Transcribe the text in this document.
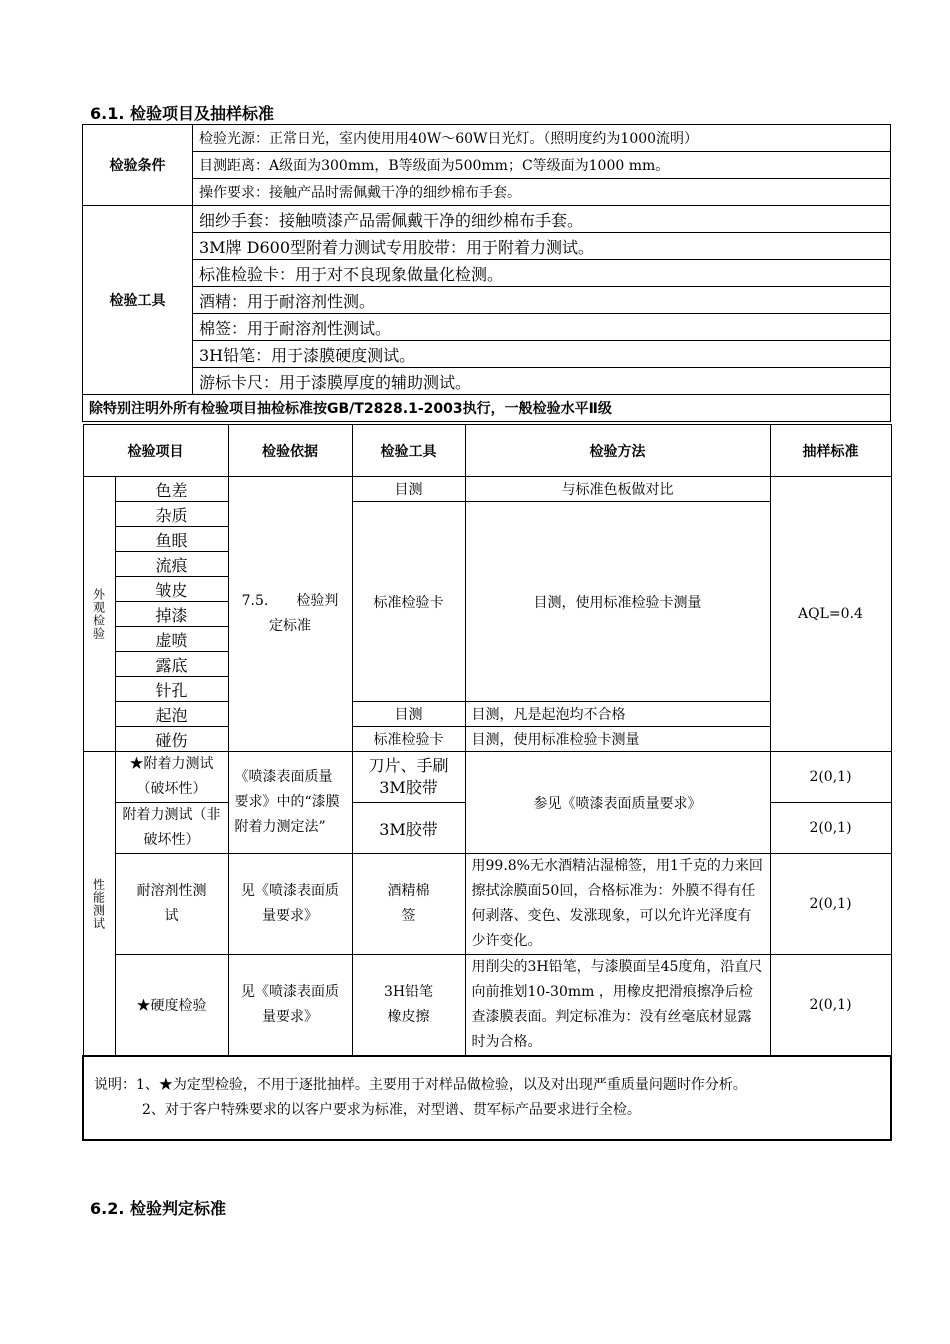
6.1. 检验项目及抽样标准
检验条件	检验光源：正常日光，室内使用用40W～60W日光灯。（照明度约为1000流明）
	目测距离：A级面为300mm，B等级面为500mm；C等级面为1000 mm。
	操作要求：接触产品时需佩戴干净的细纱棉布手套。
检验工具	细纱手套：接触喷漆产品需佩戴干净的细纱棉布手套。
	3M牌 D600型附着力测试专用胶带：用于附着力测试。
	标准检验卡：用于对不良现象做量化检测。
	酒精：用于耐溶剂性测。
	棉签：用于耐溶剂性测试。
	3H铅笔：用于漆膜硬度测试。
	游标卡尺：用于漆膜厚度的辅助测试。
除特别注明外所有检验项目抽检标准按GB/T2828.1-2003执行，一般检验水平Ⅱ级	
检验项目		检验依据	检验工具	检验方法	抽样标准
外观检验	色差	7.5.　　检验判定标准	目测	与标准色板做对比	AQL=0.4
	杂质		标准检验卡	目测，使用标准检验卡测量	
	鱼眼				
	流痕				
	皱皮				
	掉漆				
	虚喷				
	露底				
	针孔				
	起泡		目测	目测，凡是起泡均不合格	
	碰伤		标准检验卡	目测，使用标准检验卡测量	
性能测试	★附着力测试（破坏性）	《喷漆表面质量要求》中的“漆膜附着力测定法”	刀片、手刷3M胶带	参见《喷漆表面质量要求》	2(0,1)
	附着力测试（非破坏性）		3M胶带		2(0,1)
	耐溶剂性测试	见《喷漆表面质量要求》	酒精棉签	用99.8%无水酒精沾湿棉签，用1千克的力来回擦拭涂膜面50回，合格标准为：外膜不得有任何剥落、变色、发涨现象，可以允许光泽度有少许变化。	2(0,1)
	★硬度检验	见《喷漆表面质量要求》	3H铅笔橡皮擦	用削尖的3H铅笔，与漆膜面呈45度角，沿直尺向前推划10-30mm ，用橡皮把滑痕擦净后检查漆膜表面。判定标准为：没有丝毫底材显露时为合格。	2(0,1)

说明：1、★为定型检验，不用于逐批抽样。主要用于对样品做检验，以及对出现严重质量问题时作分析。
2、对于客户特殊要求的以客户要求为标准，对型谱、贯军标产品要求进行全检。					
6.2. 检验判定标准
